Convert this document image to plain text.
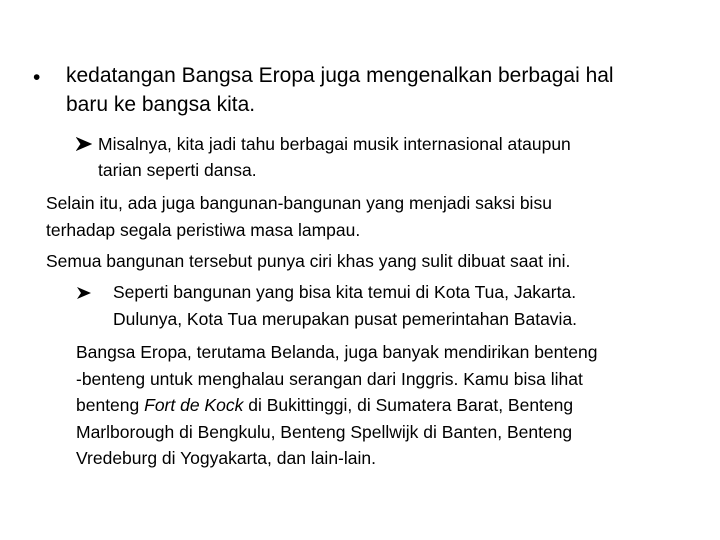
• kedatangan Bangsa Eropa juga mengenalkan berbagai hal
baru ke bangsa kita.
Misalnya, kita jadi tahu berbagai musik internasional ataupun
tarian seperti dansa.
Selain itu, ada juga bangunan-bangunan yang menjadi saksi bisu
terhadap segala peristiwa masa lampau.
Semua bangunan tersebut punya ciri khas yang sulit dibuat saat ini.
Seperti bangunan yang bisa kita temui di Kota Tua, Jakarta.
Dulunya, Kota Tua merupakan pusat pemerintahan Batavia.
Bangsa Eropa, terutama Belanda, juga banyak mendirikan benteng
-benteng untuk menghalau serangan dari Inggris. Kamu bisa lihat
benteng Fort de Kock di Bukittinggi, di Sumatera Barat, Benteng
Marlborough di Bengkulu, Benteng Spellwijk di Banten, Benteng
Vredeburg di Yogyakarta, dan lain-lain.
